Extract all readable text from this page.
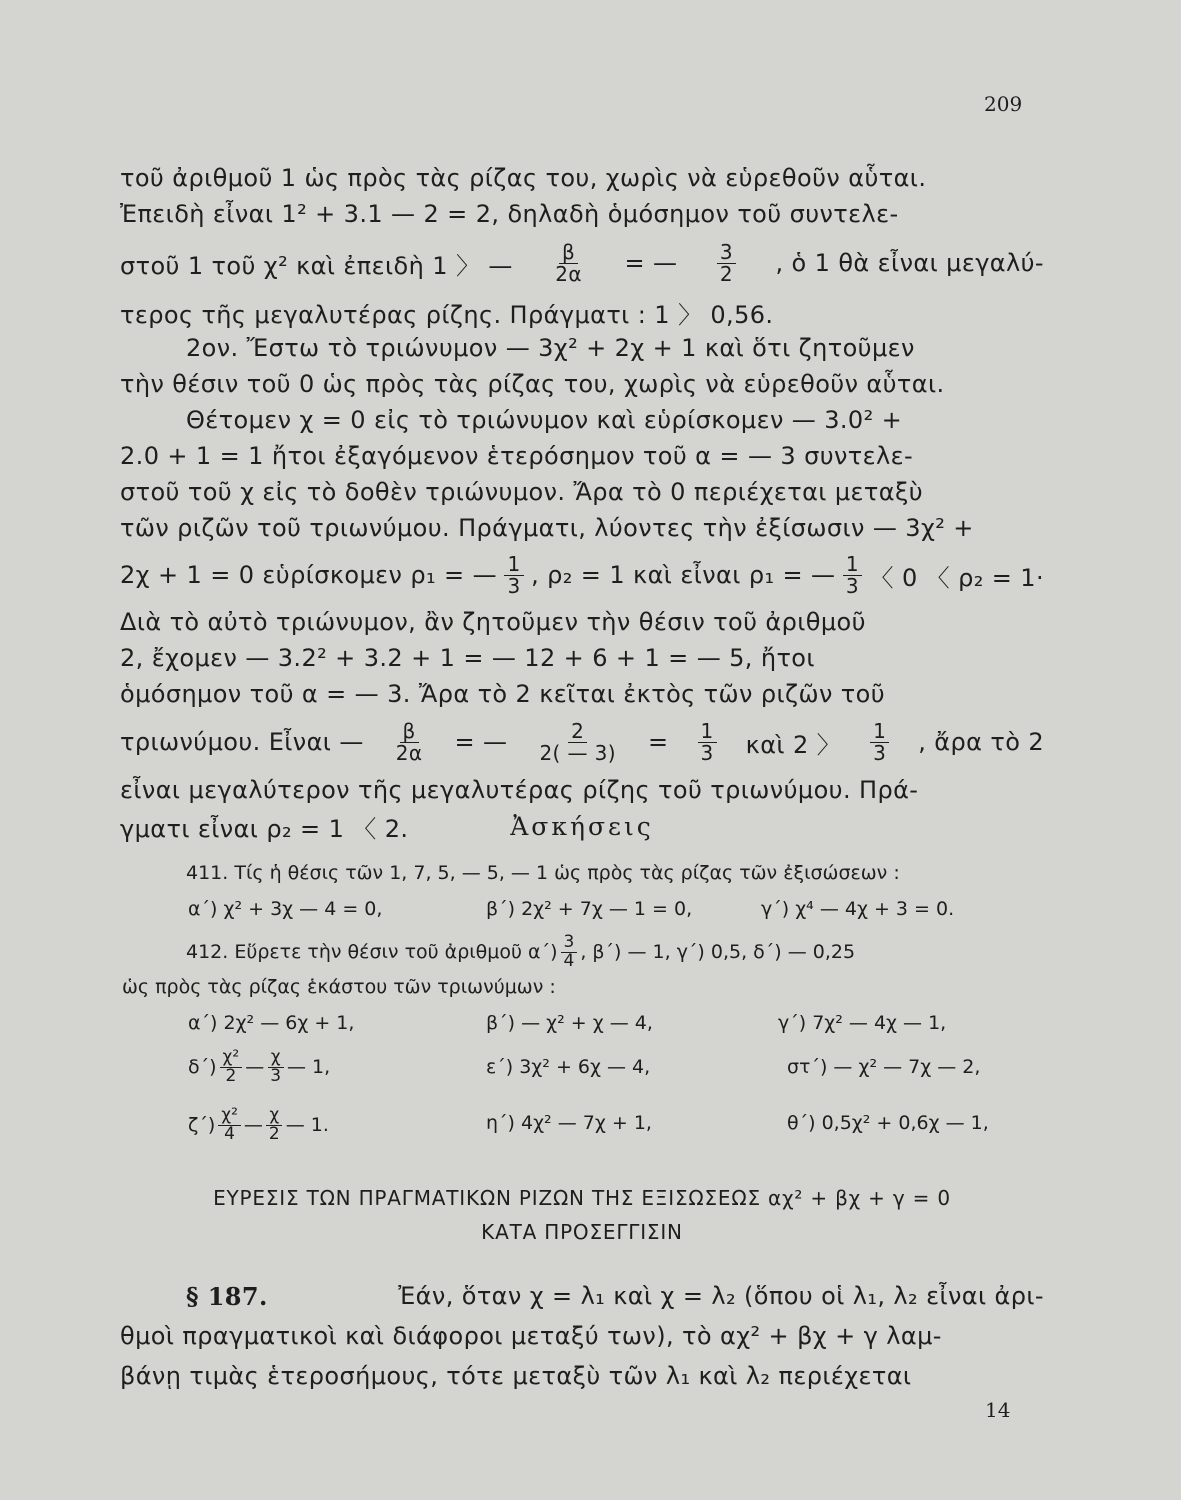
209
τοῦ ἀριθμοῦ 1 ὡς πρὸς τὰς ρίζας του, χωρὶς νὰ εὑρεθοῦν αὗται.
Ἐπειδὴ εἶναι 1² + 3.1 — 2 = 2, δηλαδὴ ὁμόσημον τοῦ συντελε-
στοῦ 1 τοῦ χ² καὶ ἐπειδὴ 1 〉 — $\frac{\beta}{2\alpha}$ = — $\frac{3}{2}$ , ὁ 1 θὰ εἶναι μεγαλύ-
τερος τῆς μεγαλυτέρας ρίζης. Πράγματι : 1 〉 0,56.
2ον. Ἔστω τὸ τριώνυμον — 3χ² + 2χ + 1 καὶ ὅτι ζητοῦμεν
τὴν θέσιν τοῦ 0 ὡς πρὸς τὰς ρίζας του, χωρὶς νὰ εὑρεθοῦν αὗται.
Θέτομεν χ = 0 εἰς τὸ τριώνυμον καὶ εὑρίσκομεν — 3.0² +
2.0 + 1 = 1 ἤτοι ἐξαγόμενον ἑτερόσημον τοῦ α = — 3 συντελε-
στοῦ τοῦ χ εἰς τὸ δοθὲν τριώνυμον. Ἄρα τὸ 0 περιέχεται μεταξὺ
τῶν ριζῶν τοῦ τριωνύμου. Πράγματι, λύοντες τὴν ἐξίσωσιν — 3χ² +
2χ + 1 = 0 εὑρίσκομεν ρ₁ = — $\frac{1}{3}$ , ρ₂ = 1 καὶ εἶναι ρ₁ = — $\frac{1}{3}$ 〈 0 〈 ρ₂ = 1·
Διὰ τὸ αὐτὸ τριώνυμον, ἂν ζητοῦμεν τὴν θέσιν τοῦ ἀριθμοῦ
2, ἔχομεν — 3.2² + 3.2 + 1 = — 12 + 6 + 1 = — 5, ἤτοι
ὁμόσημον τοῦ α = — 3. Ἄρα τὸ 2 κεῖται ἐκτὸς τῶν ριζῶν τοῦ
τριωνύμου. Εἶναι — $\frac{\beta}{2\alpha}$ = — $\frac{2}{2( — 3)} = \frac{1}{3}$ καὶ 2 〉 $\frac{1}{3}$ , ἄρα τὸ 2
εἶναι μεγαλύτερον τῆς μεγαλυτέρας ρίζης τοῦ τριωνύμου. Πρά-
γματι εἶναι ρ₂ = 1 〈 2.	Ἀσκήσεις
411. Τίς ἡ θέσις τῶν 1, 7, 5, — 5, — 1 ὡς πρὸς τὰς ρίζας τῶν ἐξισώσεων :
α΄) χ² + 3χ — 4 = 0,	β΄) 2χ² + 7χ — 1 = 0,	γ΄) χ⁴ — 4χ + 3 = 0.
412. Εὕρετε τὴν θέσιν τοῦ ἀριθμοῦ $\alpha΄) \frac{3}{4}$ , β΄) — 1, γ΄) 0,5, δ΄) — 0,25
ὡς πρὸς τὰς ρίζας ἑκάστου τῶν τριωνύμων :
α΄) 2χ² — 6χ + 1,	β΄) — χ² + χ — 4,	γ΄) 7χ² — 4χ — 1,
$\delta΄) \frac{\text{χ²}}{2}$ — $\frac{\chi}{3}$ — 1,	ε΄) 3χ² + 6χ — 4,	στ΄) — χ² — 7χ — 2,
$\zeta΄) \frac{\text{χ²}}{4}$ — $\frac{\chi}{2}$ — 1.	η΄) 4χ² — 7χ + 1,	θ΄) 0,5χ² + 0,6χ — 1,
ΕΥΡΕΣΙΣ ΤΩΝ ΠΡΑΓΜΑΤΙΚΩΝ ΡΙΖΩΝ ΤΗΣ ΕΞΙΣΩΣΕΩΣ αχ² + βχ + γ = 0
ΚΑΤΑ ΠΡΟΣΕΓΓΙΣΙΝ
§ 187.	Ἐάν, ὅταν χ = λ₁ καὶ χ = λ₂ (ὅπου οἱ λ₁, λ₂ εἶναι ἀρι-
θμοὶ πραγματικοὶ καὶ διάφοροι μεταξύ των), τὸ αχ² + βχ + γ λαμ-
βάνῃ τιμὰς ἑτεροσήμους, τότε μεταξὺ τῶν λ₁ καὶ λ₂ περιέχεται
14
